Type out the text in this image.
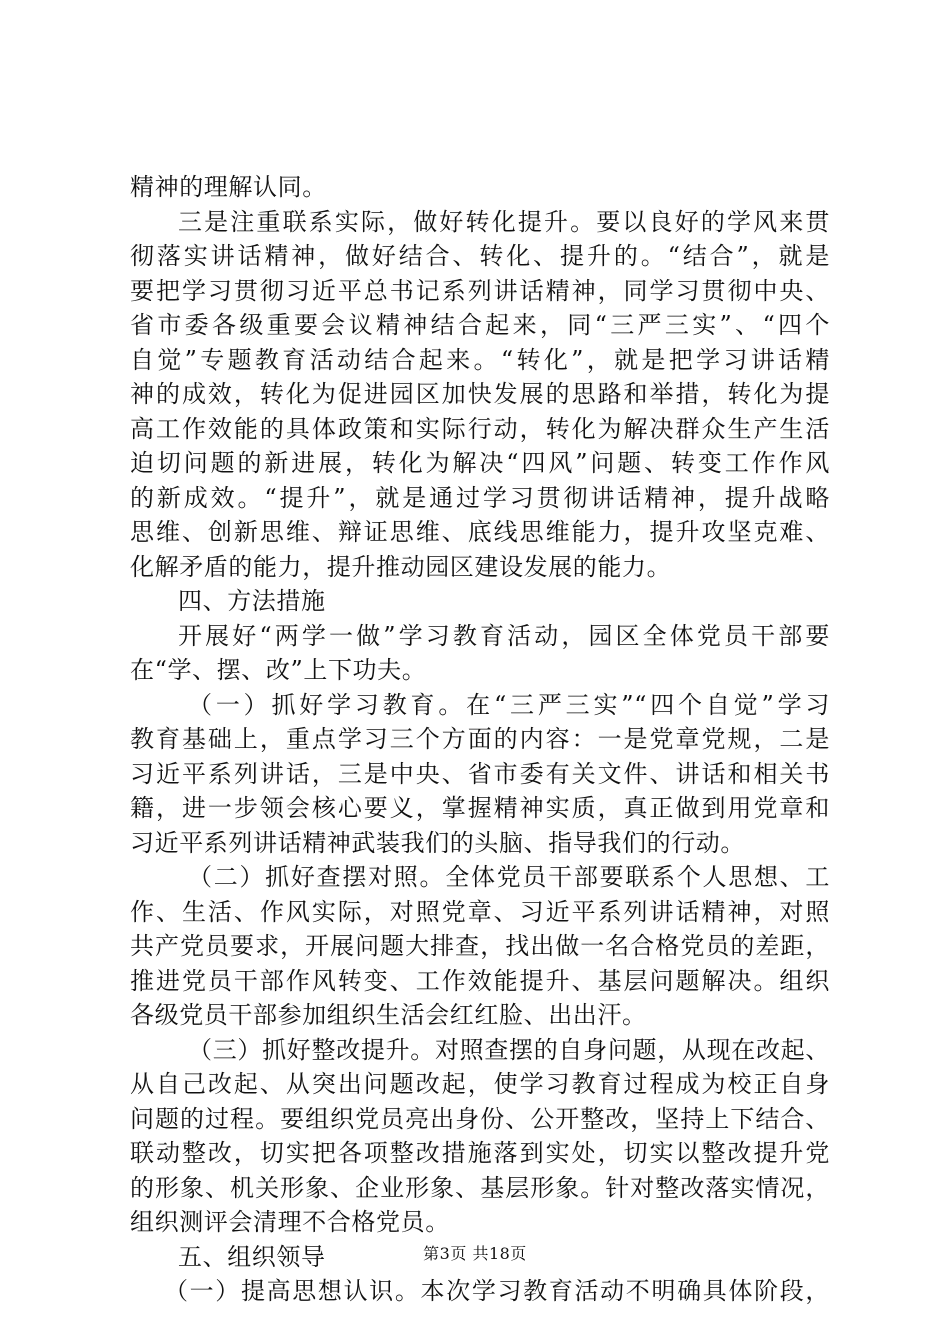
精神的理解认同。
三是注重联系实际，做好转化提升。要以良好的学风来贯
彻落实讲话精神，做好结合、转化、提升的。“结合”，就是
要把学习贯彻习近平总书记系列讲话精神，同学习贯彻中央、
省市委各级重要会议精神结合起来，同“三严三实”、“四个
自觉”专题教育活动结合起来。“转化”，就是把学习讲话精
神的成效，转化为促进园区加快发展的思路和举措，转化为提
高工作效能的具体政策和实际行动，转化为解决群众生产生活
迫切问题的新进展，转化为解决“四风”问题、转变工作作风
的新成效。“提升”，就是通过学习贯彻讲话精神，提升战略
思维、创新思维、辩证思维、底线思维能力，提升攻坚克难、
化解矛盾的能力，提升推动园区建设发展的能力。
四、方法措施
开展好“两学一做”学习教育活动，园区全体党员干部要
在“学、摆、改”上下功夫。
（一）抓好学习教育。在“三严三实”“四个自觉”学习
教育基础上，重点学习三个方面的内容：一是党章党规，二是
习近平系列讲话，三是中央、省市委有关文件、讲话和相关书
籍，进一步领会核心要义，掌握精神实质，真正做到用党章和
习近平系列讲话精神武装我们的头脑、指导我们的行动。
（二）抓好查摆对照。全体党员干部要联系个人思想、工
作、生活、作风实际，对照党章、习近平系列讲话精神，对照
共产党员要求，开展问题大排查，找出做一名合格党员的差距，
推进党员干部作风转变、工作效能提升、基层问题解决。组织
各级党员干部参加组织生活会红红脸、出出汗。
（三）抓好整改提升。对照查摆的自身问题，从现在改起、
从自己改起、从突出问题改起，使学习教育过程成为校正自身
问题的过程。要组织党员亮出身份、公开整改，坚持上下结合、
联动整改，切实把各项整改措施落到实处，切实以整改提升党
的形象、机关形象、企业形象、基层形象。针对整改落实情况，
组织测评会清理不合格党员。
五、组织领导
（一）提高思想认识。本次学习教育活动不明确具体阶段，
第3页 共18页
